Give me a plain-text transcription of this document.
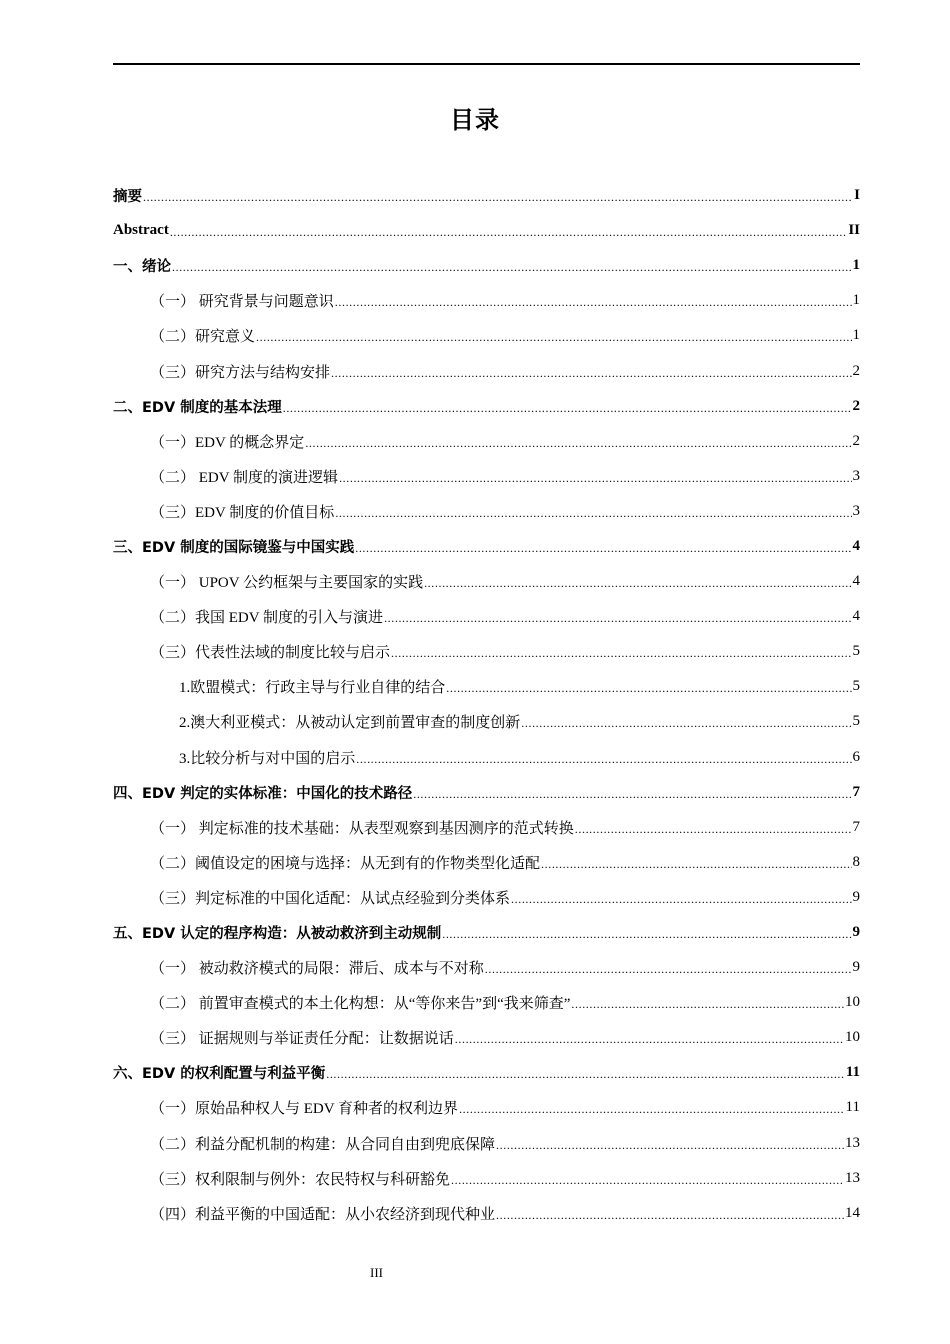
目录
摘要 .....	I
Abstract .....	II
一、绪论 .....	1
（一） 研究背景与问题意识 .....	1
（二）研究意义 .....	1
（三）研究方法与结构安排 .....	2
二、EDV 制度的基本法理 .....	2
（一）EDV 的概念界定 .....	2
（二） EDV 制度的演进逻辑 .....	3
（三）EDV 制度的价值目标 .....	3
三、EDV 制度的国际镜鉴与中国实践 .....	4
（一） UPOV 公约框架与主要国家的实践 .....	4
（二）我国 EDV 制度的引入与演进 .....	4
（三）代表性法域的制度比较与启示 .....	5
1.欧盟模式：行政主导与行业自律的结合 .....	5
2.澳大利亚模式：从被动认定到前置审查的制度创新 .....	5
3.比较分析与对中国的启示 .....	6
四、EDV 判定的实体标准：中国化的技术路径 .....	7
（一） 判定标准的技术基础：从表型观察到基因测序的范式转换 .....	7
（二）阈值设定的困境与选择：从无到有的作物类型化适配 .....	8
（三）判定标准的中国化适配：从试点经验到分类体系 .....	9
五、EDV 认定的程序构造：从被动救济到主动规制 .....	9
（一） 被动救济模式的局限：滞后、成本与不对称 .....	9
（二） 前置审查模式的本土化构想：从“等你来告”到“我来筛查” .....	10
（三） 证据规则与举证责任分配：让数据说话 .....	10
六、EDV 的权利配置与利益平衡 .....	11
（一）原始品种权人与 EDV 育种者的权利边界 .....	11
（二）利益分配机制的构建：从合同自由到兜底保障 .....	13
（三）权利限制与例外：农民特权与科研豁免 .....	13
（四）利益平衡的中国适配：从小农经济到现代种业 .....	14
III
